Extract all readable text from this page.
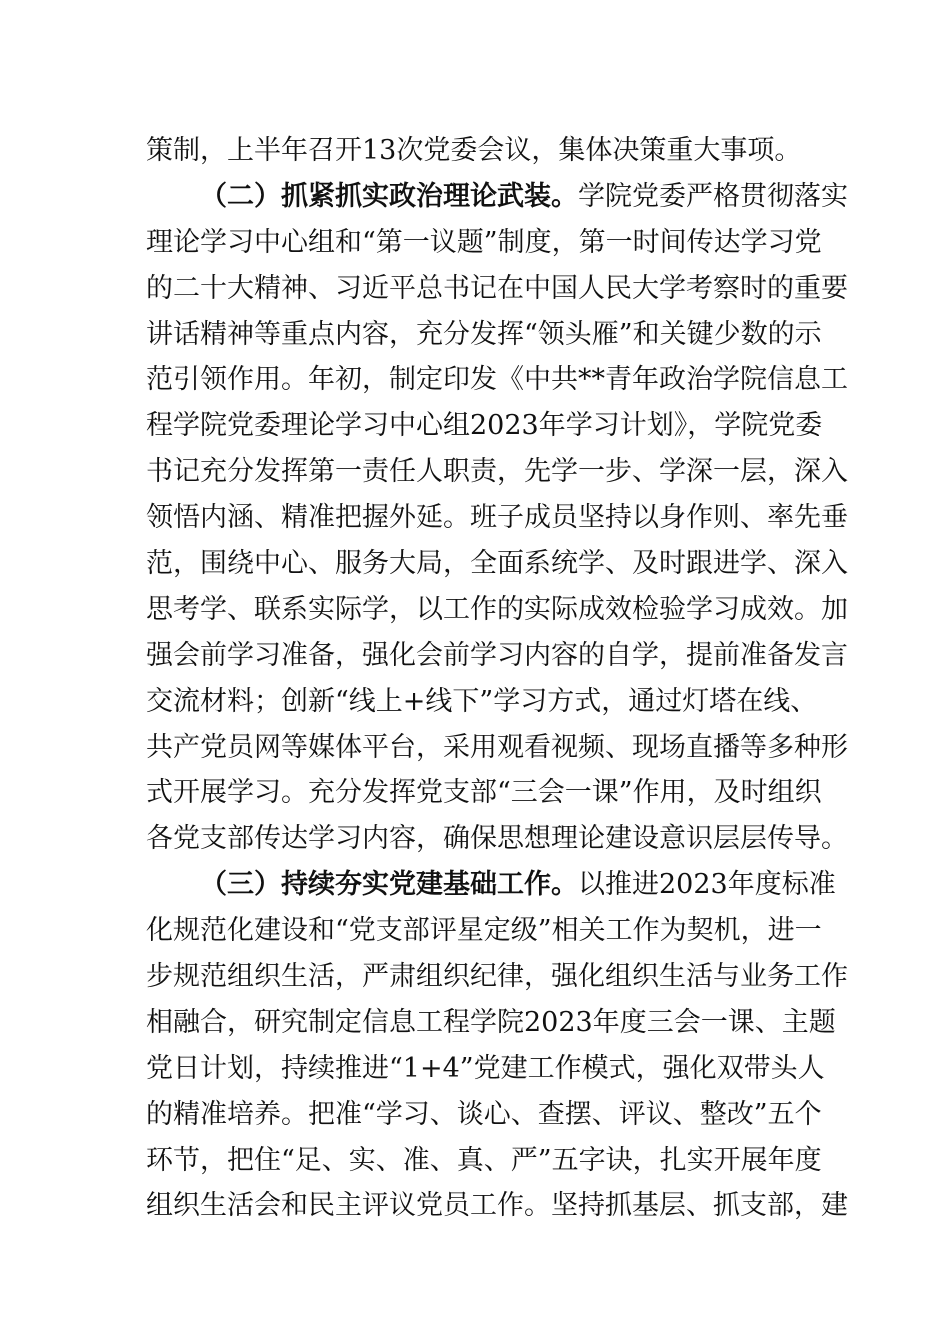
策制，上半年召开13次党委会议，集体决策重大事项。
（二）抓紧抓实政治理论武装。学院党委严格贯彻落实
理论学习中心组和“第一议题”制度，第一时间传达学习党
的二十大精神、习近平总书记在中国人民大学考察时的重要
讲话精神等重点内容，充分发挥“领头雁”和关键少数的示
范引领作用。年初，制定印发《中共**青年政治学院信息工
程学院党委理论学习中心组2023年学习计划》，学院党委
书记充分发挥第一责任人职责，先学一步、学深一层，深入
领悟内涵、精准把握外延。班子成员坚持以身作则、率先垂
范，围绕中心、服务大局，全面系统学、及时跟进学、深入
思考学、联系实际学，以工作的实际成效检验学习成效。加
强会前学习准备，强化会前学习内容的自学，提前准备发言
交流材料；创新“线上+线下”学习方式，通过灯塔在线、
共产党员网等媒体平台，采用观看视频、现场直播等多种形
式开展学习。充分发挥党支部“三会一课”作用，及时组织
各党支部传达学习内容，确保思想理论建设意识层层传导。
（三）持续夯实党建基础工作。以推进2023年度标准
化规范化建设和“党支部评星定级”相关工作为契机，进一
步规范组织生活，严肃组织纪律，强化组织生活与业务工作
相融合，研究制定信息工程学院2023年度三会一课、主题
党日计划，持续推进“1+4”党建工作模式，强化双带头人
的精准培养。把准“学习、谈心、查摆、评议、整改”五个
环节，把住“足、实、准、真、严”五字诀，扎实开展年度
组织生活会和民主评议党员工作。坚持抓基层、抓支部，建
